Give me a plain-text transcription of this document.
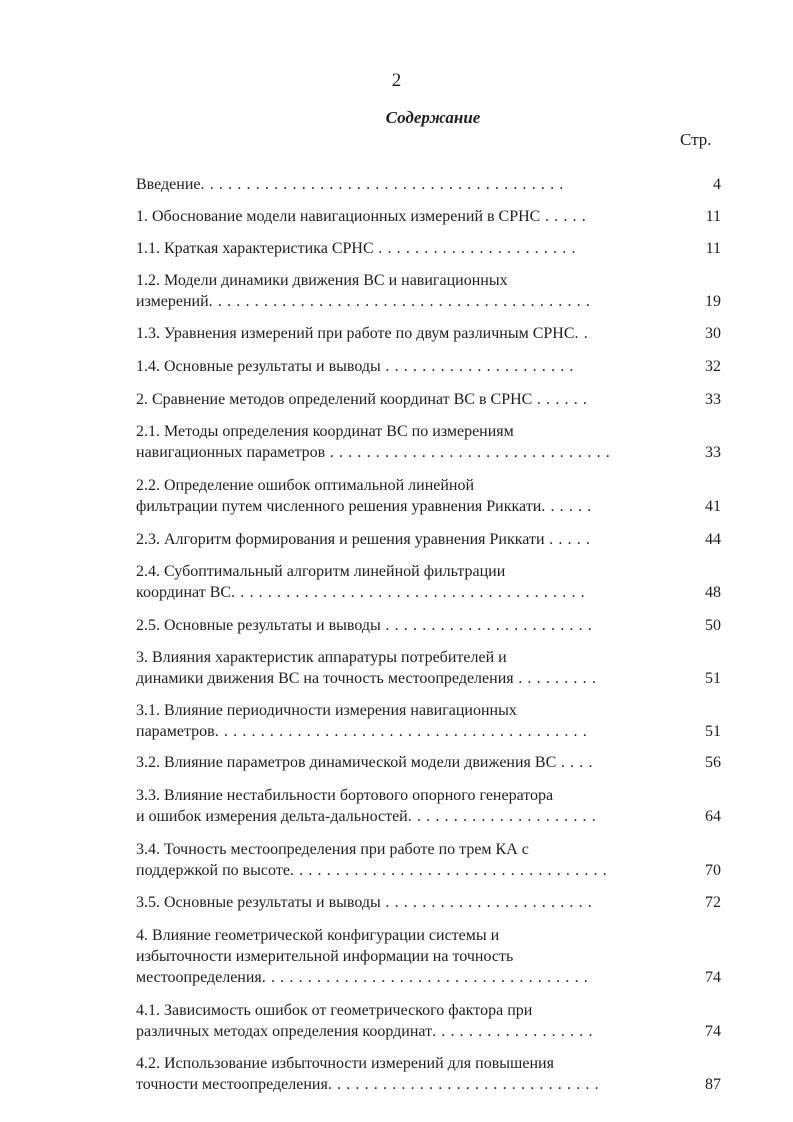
2
Содержание
Стр.
Введение. . . . . . . . . . . . . . . . . . . . . . . . . . . . . . . . . . . . . . . .	4
1. Обоснование модели навигационных измерений в СРНС . . . . .	11
1.1. Краткая характеристика СРНС . . . . . . . . . . . . . . . . . . . . . .	11
1.2. Модели динамики движения ВС и навигационных
измерений. . . . . . . . . . . . . . . . . . . . . . . . . . . . . . . . . . . . . . . . . .	19
1.3. Уравнения измерений при работе по двум различным СРНС. .	30
1.4. Основные результаты и выводы . . . . . . . . . . . . . . . . . . . . .	32
2. Сравнение методов определений координат ВС в СРНС . . . . . .	33
2.1. Методы определения координат ВС по измерениям
навигационных параметров . . . . . . . . . . . . . . . . . . . . . . . . . . . . . . .	33
2.2. Определение ошибок оптимальной линейной
фильтрации путем численного решения уравнения Риккати. . . . . .	41
2.3. Алгоритм формирования и решения уравнения Риккати . . . . .	44
2.4. Субоптимальный алгоритм линейной фильтрации
координат ВС. . . . . . . . . . . . . . . . . . . . . . . . . . . . . . . . . . . . . . .	48
2.5. Основные результаты и выводы . . . . . . . . . . . . . . . . . . . . . . .	50
3. Влияния характеристик аппаратуры потребителей и
динамики движения ВС на точность местоопределения . . . . . . . . .	51
3.1. Влияние периодичности измерения навигационных
параметров. . . . . . . . . . . . . . . . . . . . . . . . . . . . . . . . . . . . . . . . .	51
3.2. Влияние параметров динамической модели движения ВС . . . .	56
3.3. Влияние нестабильности бортового опорного генератора
и ошибок измерения дельта-дальностей. . . . . . . . . . . . . . . . . . . . .	64
3.4. Точность местоопределения при работе по трем КА с
поддержкой по высоте. . . . . . . . . . . . . . . . . . . . . . . . . . . . . . . . . . .	70
3.5. Основные результаты и выводы . . . . . . . . . . . . . . . . . . . . . . .	72
4. Влияние геометрической конфигурации системы и
избыточности измерительной информации на точность
местоопределения. . . . . . . . . . . . . . . . . . . . . . . . . . . . . . . . . . . .	74
4.1. Зависимость ошибок от геометрического фактора при
различных методах определения координат. . . . . . . . . . . . . . . . . .	74
4.2. Использование избыточности измерений для повышения
точности местоопределения. . . . . . . . . . . . . . . . . . . . . . . . . . . . . .	87
